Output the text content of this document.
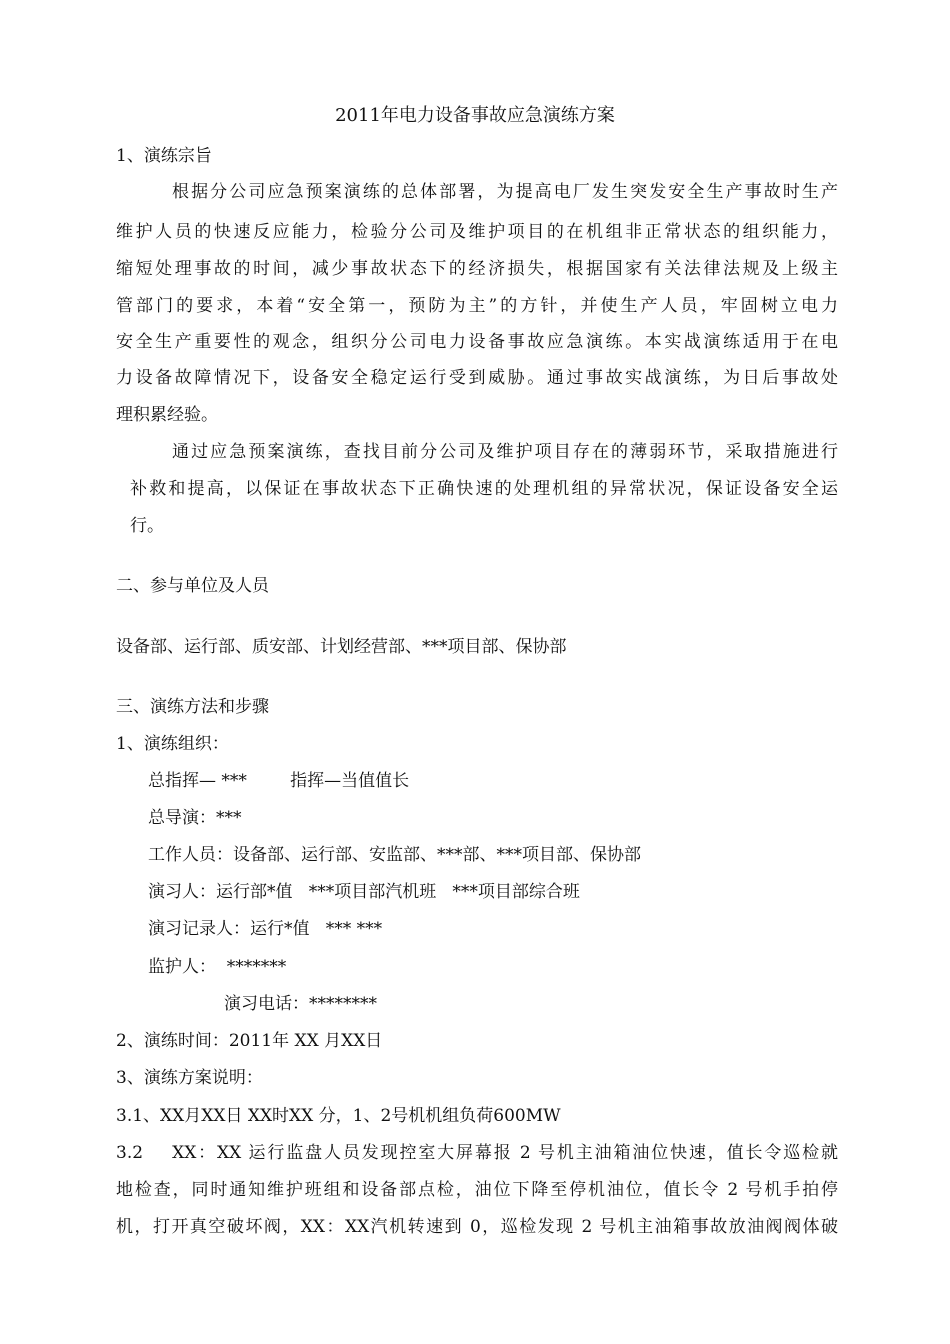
2011年电力设备事故应急演练方案
1、演练宗旨
根据分公司应急预案演练的总体部署，为提高电厂发生突发安全生产事故时生产
维护人员的快速反应能力，检验分公司及维护项目的在机组非正常状态的组织能力，
缩短处理事故的时间，减少事故状态下的经济损失，根据国家有关法律法规及上级主
管部门的要求，本着“安全第一，预防为主”的方针，并使生产人员，牢固树立电力
安全生产重要性的观念，组织分公司电力设备事故应急演练。本实战演练适用于在电
力设备故障情况下，设备安全稳定运行受到威胁。通过事故实战演练，为日后事故处
理积累经验。
通过应急预案演练，查找目前分公司及维护项目存在的薄弱环节，采取措施进行
补救和提高，以保证在事故状态下正确快速的处理机组的异常状况，保证设备安全运
行。
二、参与单位及人员
设备部、运行部、质安部、计划经营部、***项目部、保协部
三、演练方法和步骤
1、演练组织：
总指挥— ***        指挥—当值值长
总导演：***
工作人员：设备部、运行部、安监部、***部、***项目部、保协部
演习人：运行部*值   ***项目部汽机班   ***项目部综合班
演习记录人：运行*值   *** ***
监护人：  *******
演习电话：********
2、演练时间：2011年 XX 月XX日
3、演练方案说明：
3.1、XX月XX日 XX时XX 分，1、2号机机组负荷600MW
3.2    XX：XX 运行监盘人员发现控室大屏幕报 2 号机主油箱油位快速，值长令巡检就
地检查，同时通知维护班组和设备部点检，油位下降至停机油位，值长令 2 号机手拍停
机，打开真空破坏阀，XX：XX汽机转速到 0，巡检发现 2 号机主油箱事故放油阀阀体破
